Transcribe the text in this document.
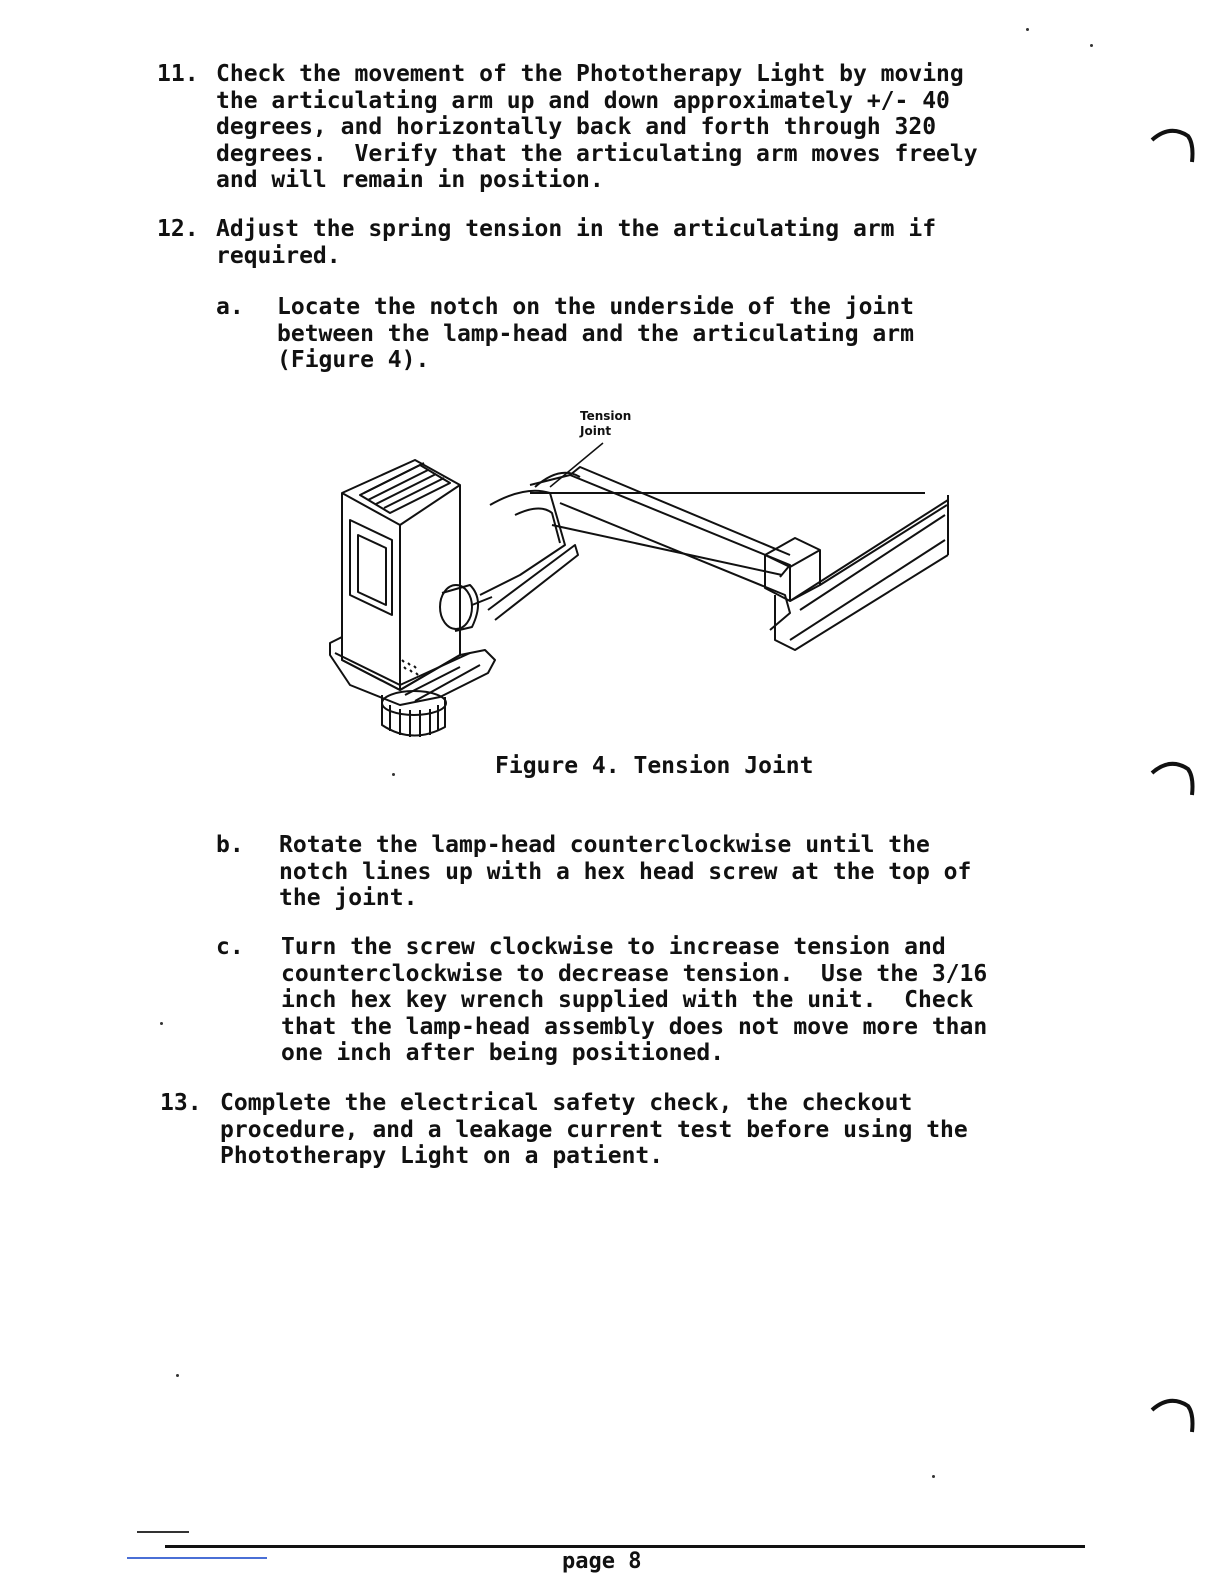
11. Check the movement of the Phototherapy Light by moving
the articulating arm up and down approximately +/- 40
degrees, and horizontally back and forth through 320
degrees.  Verify that the articulating arm moves freely
and will remain in position.
12. Adjust the spring tension in the articulating arm if
required.
a. Locate the notch on the underside of the joint
between the lamp-head and the articulating arm
(Figure 4).
Tension
Joint
Figure 4. Tension Joint
b. Rotate the lamp-head counterclockwise until the
notch lines up with a hex head screw at the top of
the joint.
c. Turn the screw clockwise to increase tension and
counterclockwise to decrease tension.  Use the 3/16
inch hex key wrench supplied with the unit.  Check
that the lamp-head assembly does not move more than
one inch after being positioned.
13. Complete the electrical safety check, the checkout
procedure, and a leakage current test before using the
Phototherapy Light on a patient.
page 8
